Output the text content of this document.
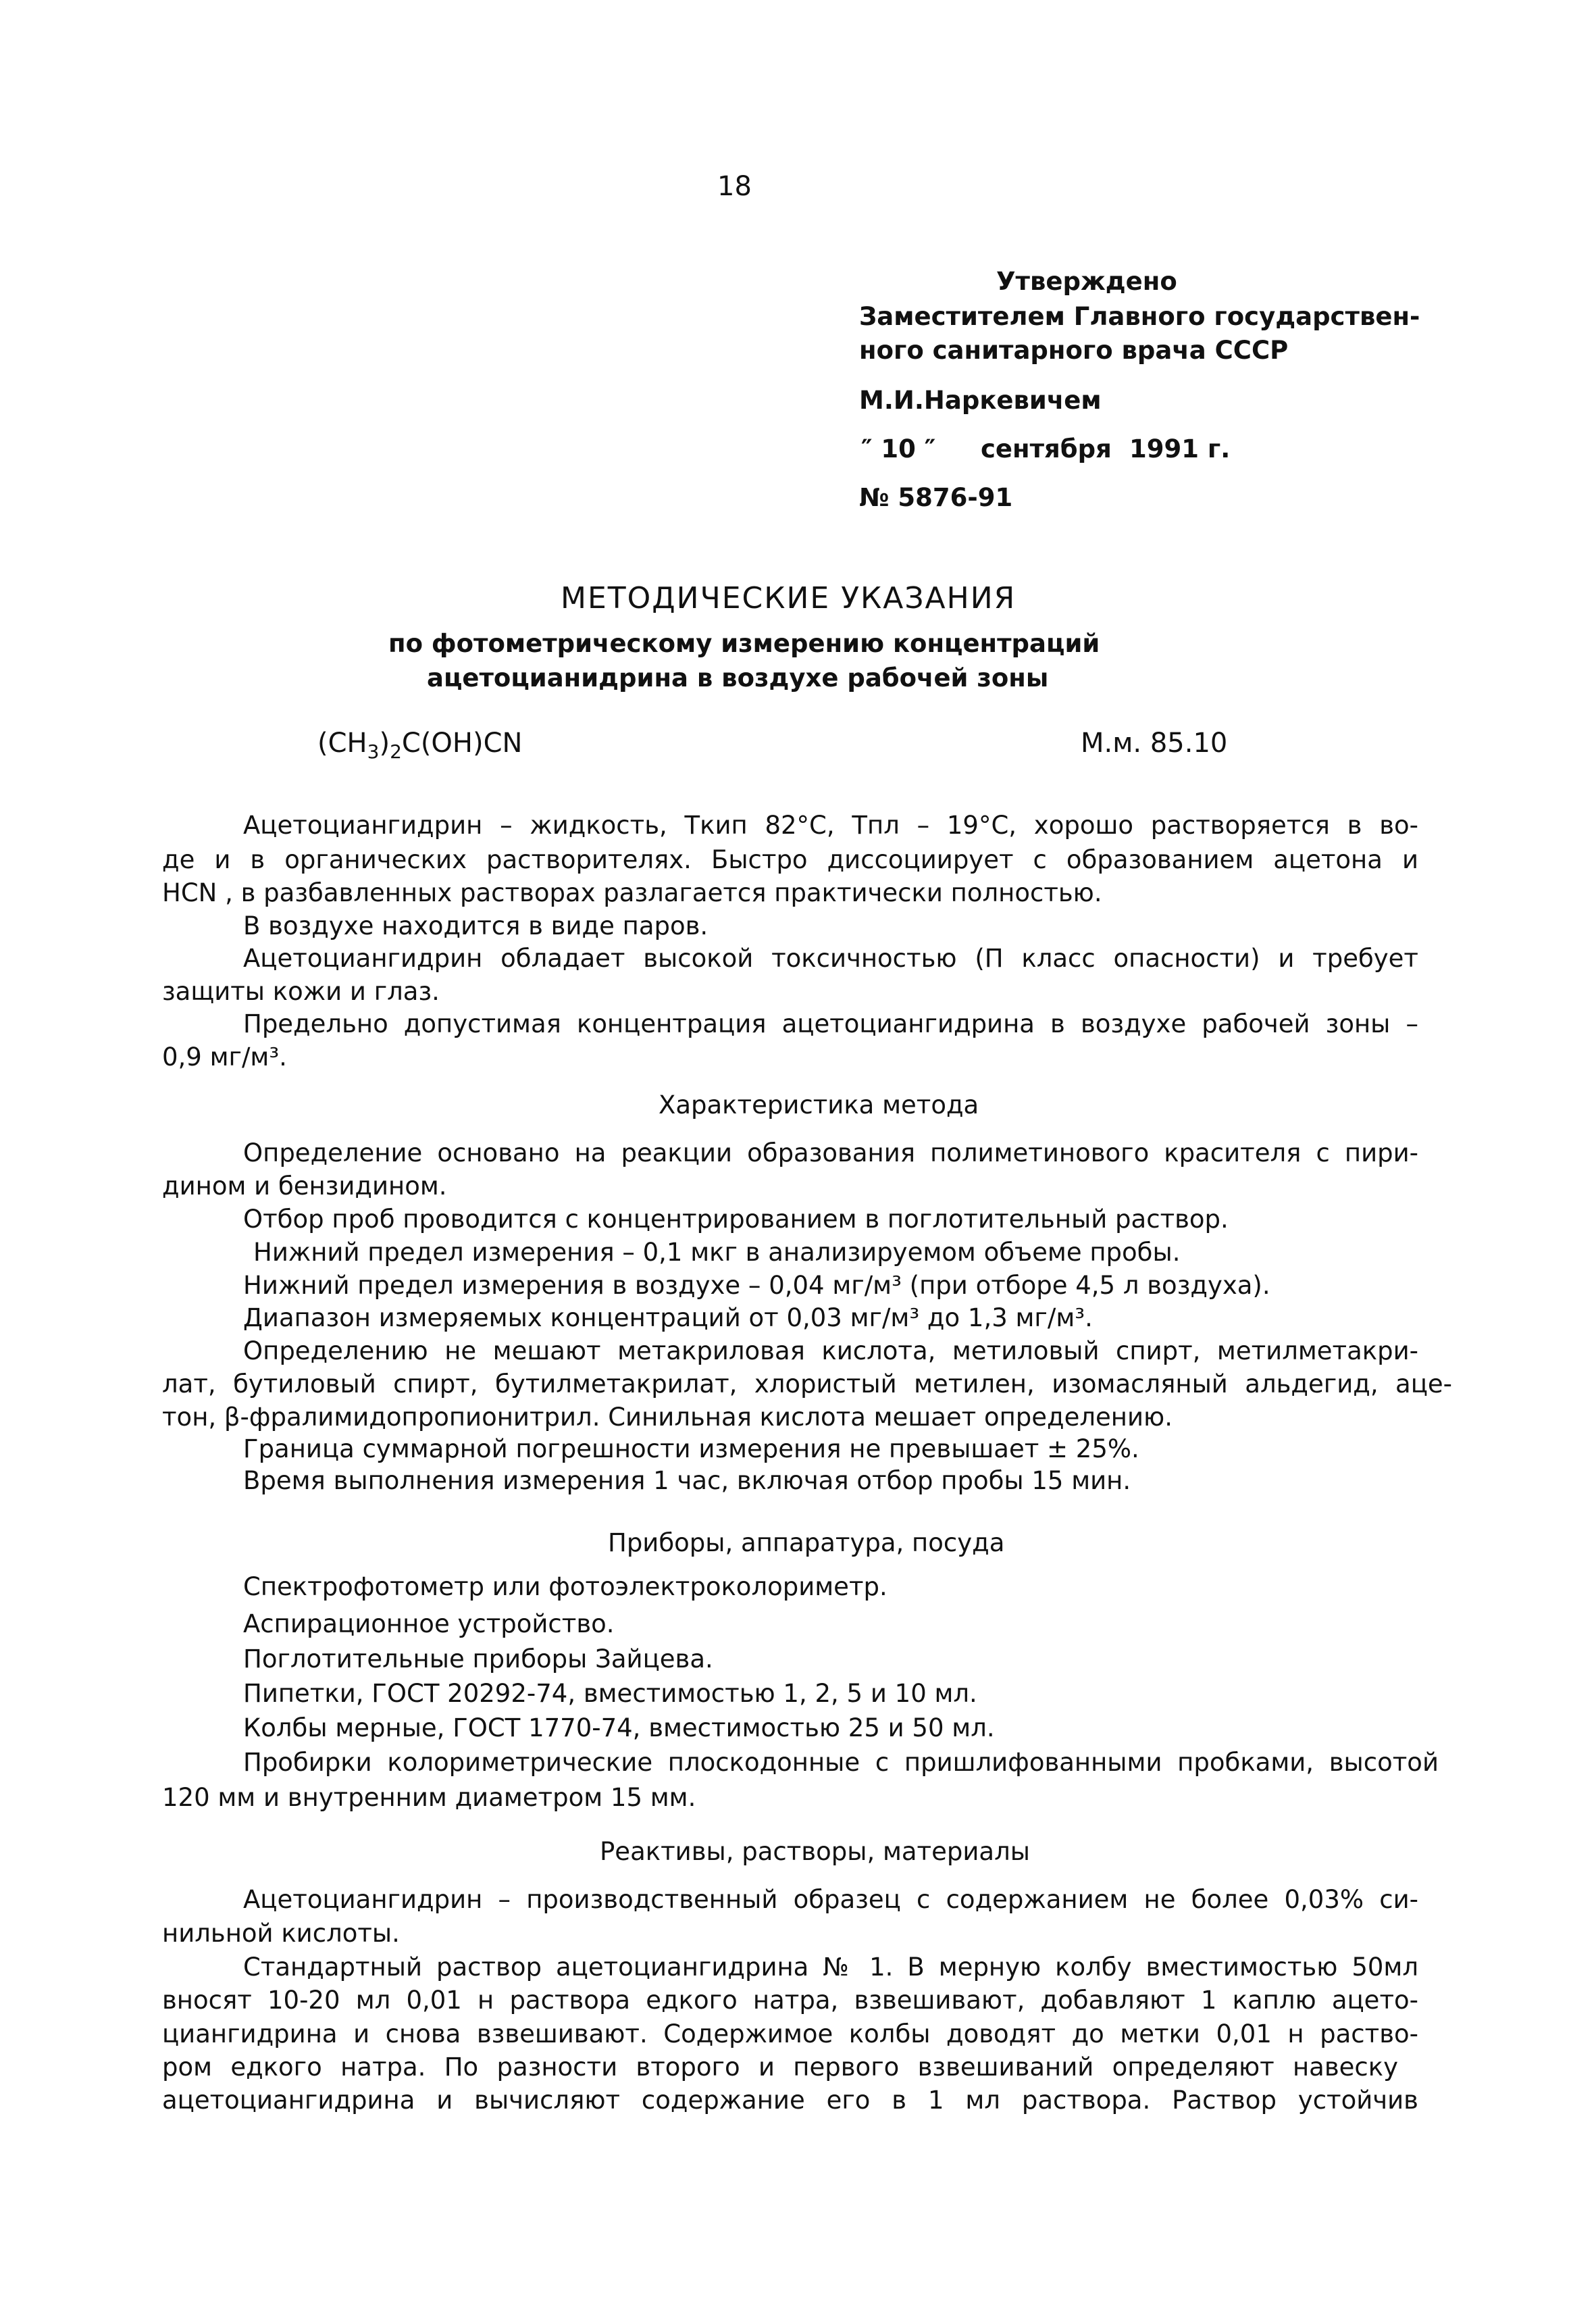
18
Утверждено
Заместителем Главного государствен-
ного санитарного врача СССР
М.И.Наркевичем
″ 10 ″ сентября 1991 г.
№ 5876-91
МЕТОДИЧЕСКИЕ УКАЗАНИЯ
по фотометрическому измерению концентраций
ацетоцианидрина в воздухе рабочей зоны
$(CH_3)_2C(OH)CN$	М.м. 85.10
Ацетоциангидрин – жидкость, Ткип 82°С, Тпл – 19°С, хорошо растворяется в во-
де и в органических растворителях. Быстро диссоциирует с образованием ацетона и
НСN , в разбавленных растворах разлагается практически полностью.
В воздухе находится в виде паров.
Ацетоциангидрин обладает высокой токсичностью (П класс опасности) и требует
защиты кожи и глаз.
Предельно допустимая концентрация ацетоциангидрина в воздухе рабочей зоны –
0,9 мг/м³.
Характеристика метода
Определение основано на реакции образования полиметинового красителя с пири-
дином и бензидином.
Отбор проб проводится с концентрированием в поглотительный раствор.
Нижний предел измерения – 0,1 мкг в анализируемом объеме пробы.
Нижний предел измерения в воздухе – 0,04 мг/м³ (при отборе 4,5 л воздуха).
Диапазон измеряемых концентраций от 0,03 мг/м³ до 1,3 мг/м³.
Определению не мешают метакриловая кислота, метиловый спирт, метилметакри-
лат, бутиловый спирт, бутилметакрилат, хлористый метилен, изомасляный альдегид, аце-
тон, β-фралимидопропионитрил. Синильная кислота мешает определению.
Граница суммарной погрешности измерения не превышает ± 25%.
Время выполнения измерения 1 час, включая отбор пробы 15 мин.
Приборы, аппаратура, посуда
Спектрофотометр или фотоэлектроколориметр.
Аспирационное устройство.
Поглотительные приборы Зайцева.
Пипетки, ГОСТ 20292-74, вместимостью 1, 2, 5 и 10 мл.
Колбы мерные, ГОСТ 1770-74, вместимостью 25 и 50 мл.
Пробирки колориметрические плоскодонные с пришлифованными пробками, высотой
120 мм и внутренним диаметром 15 мм.
Реактивы, растворы, материалы
Ацетоциангидрин – производственный образец с содержанием не более 0,03% си-
нильной кислоты.
Стандартный раствор ацетоциангидрина № 1. В мерную колбу вместимостью 50мл
вносят 10-20 мл 0,01 н раствора едкого натра, взвешивают, добавляют 1 каплю ацето-
циангидрина и снова взвешивают. Содержимое колбы доводят до метки 0,01 н раство-
ром едкого натра. По разности второго и первого взвешиваний определяют навеску
ацетоциангидрина и вычисляют содержание его в 1 мл раствора. Раствор устойчив
